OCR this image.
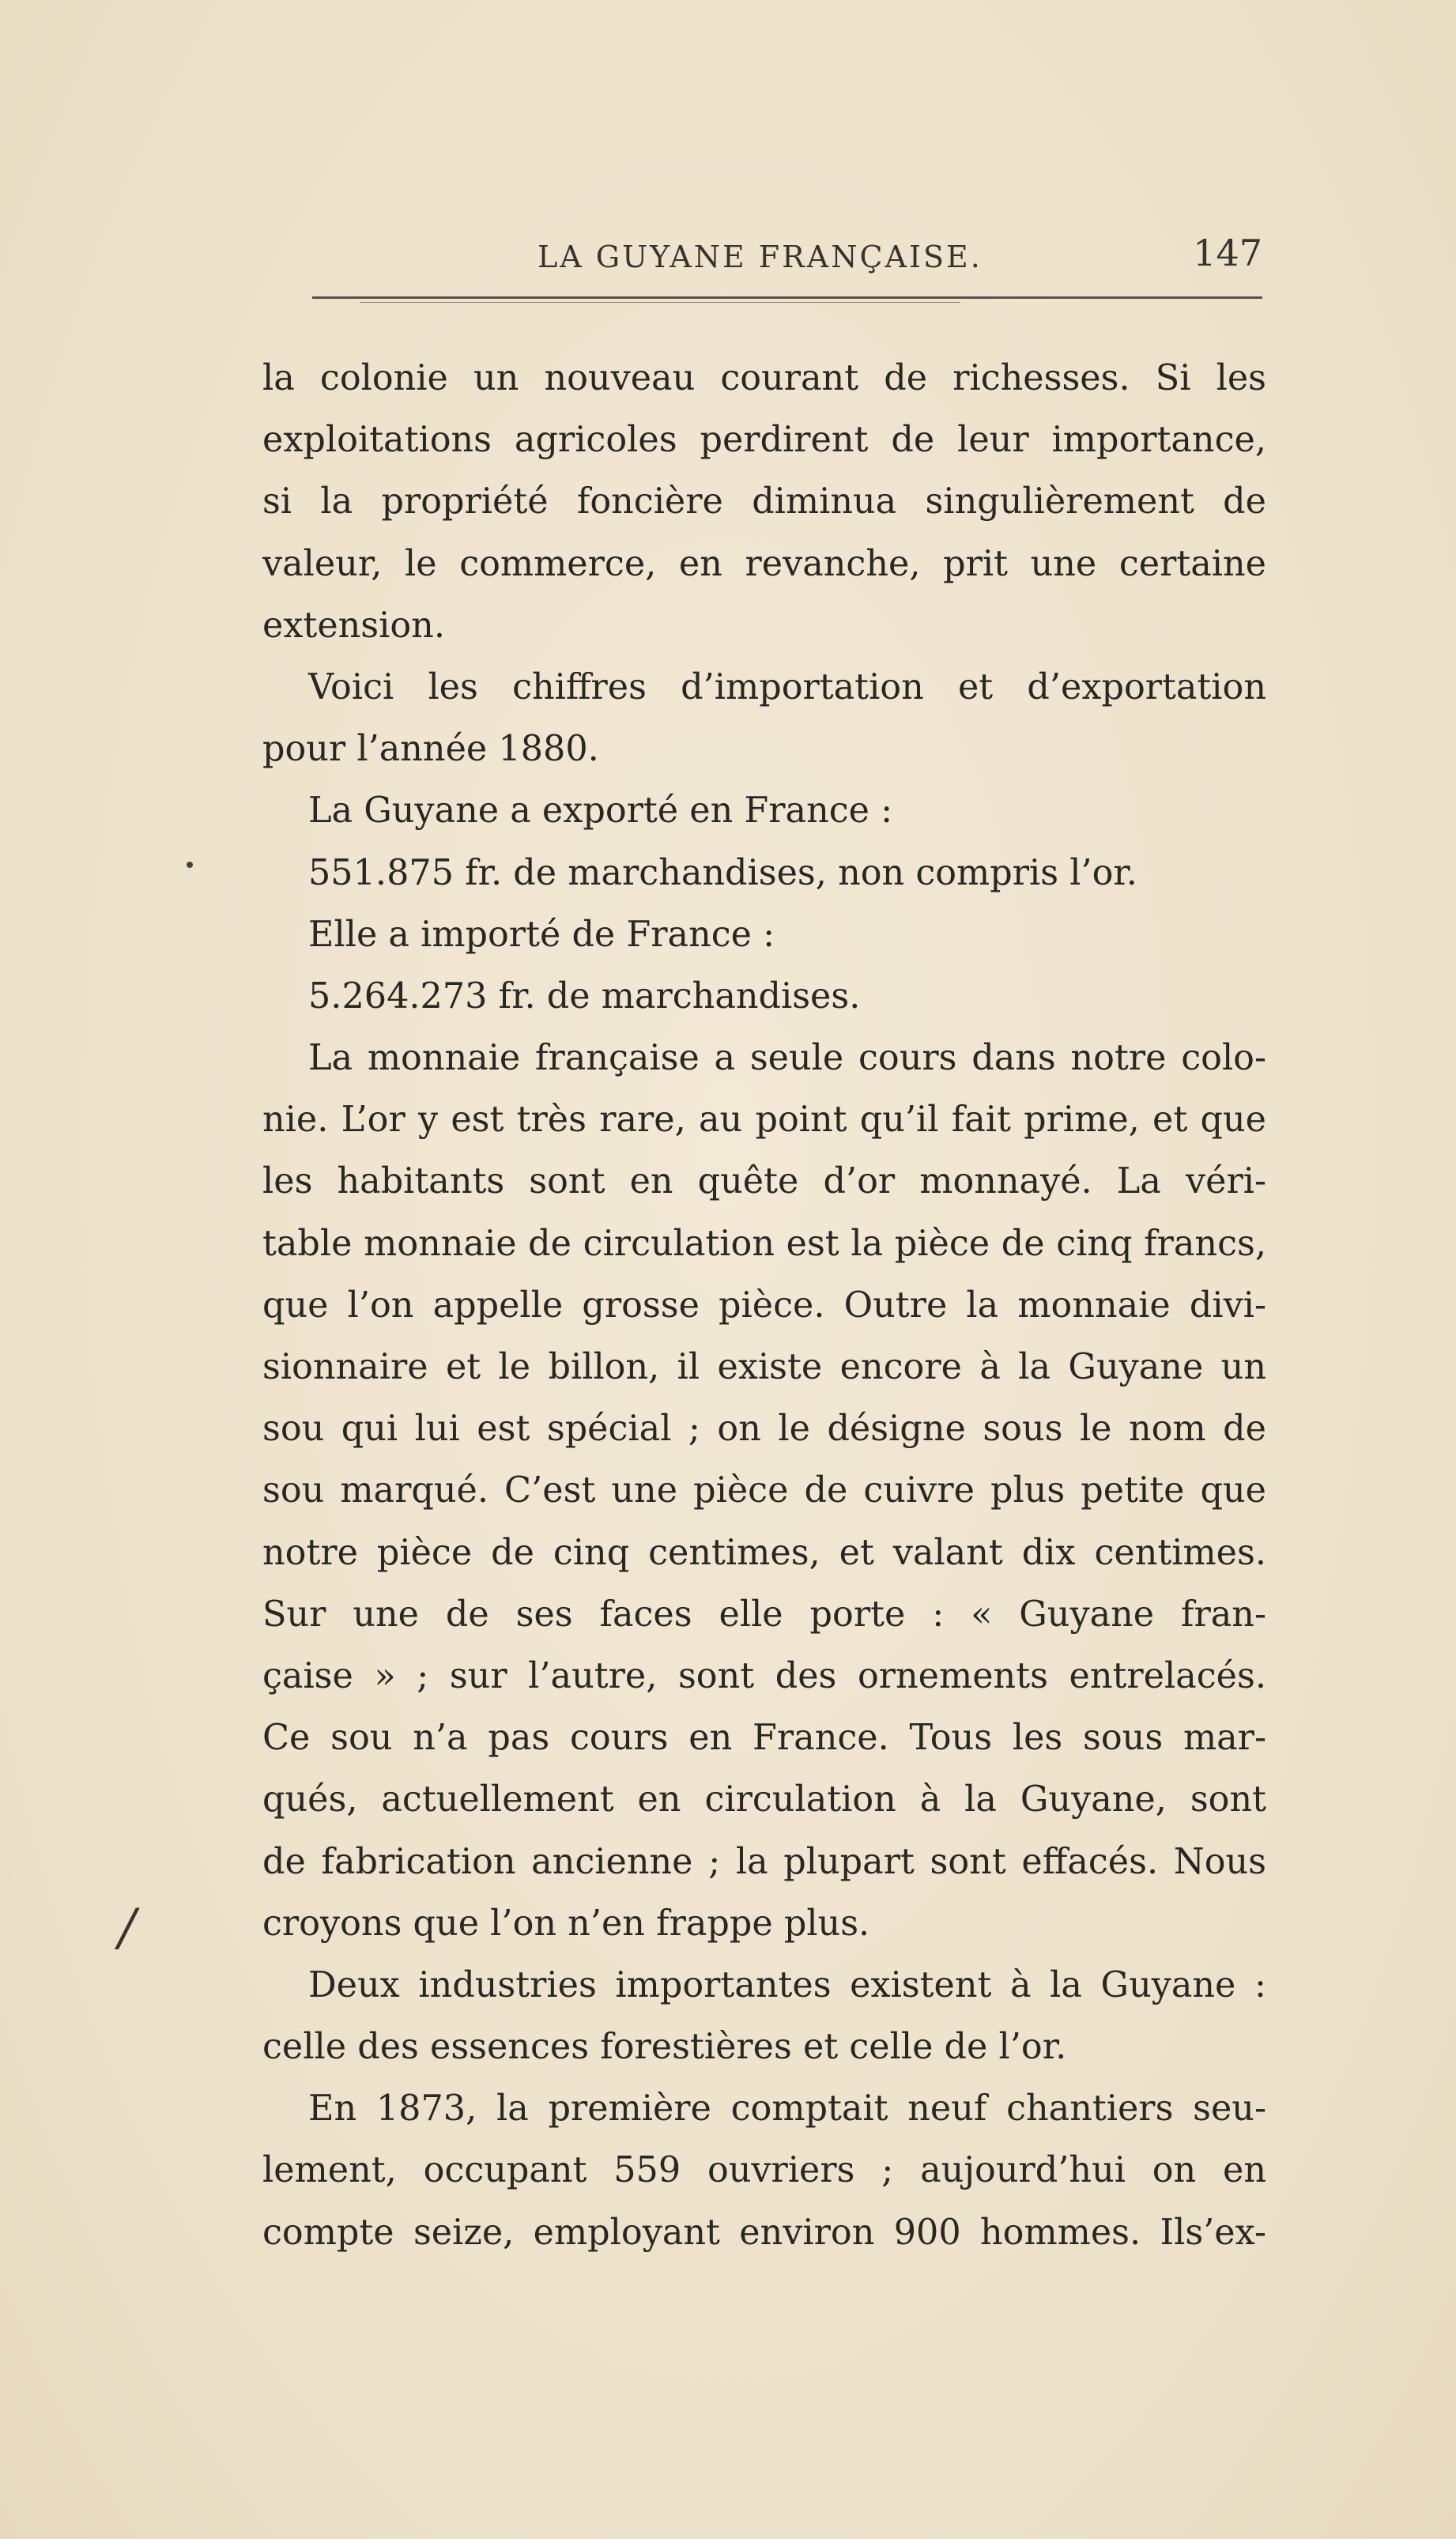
LA GUYANE FRANÇAISE.	147
/
la colonie un nouveau courant de richesses. Si les
exploitations agricoles perdirent de leur importance,
si la propriété foncière diminua singulièrement de
valeur, le commerce, en revanche, prit une certaine
extension.
Voici les chiffres d’importation et d’exportation
pour l’année 1880.
La Guyane a exporté en France :
551.875 fr. de marchandises, non compris l’or.
Elle a importé de France :
5.264.273 fr. de marchandises.
La monnaie française a seule cours dans notre colo-
nie. L’or y est très rare, au point qu’il fait prime, et que
les habitants sont en quête d’or monnayé. La véri-
table monnaie de circulation est la pièce de cinq francs,
que l’on appelle grosse pièce. Outre la monnaie divi-
sionnaire et le billon, il existe encore à la Guyane un
sou qui lui est spécial ; on le désigne sous le nom de
sou marqué. C’est une pièce de cuivre plus petite que
notre pièce de cinq centimes, et valant dix centimes.
Sur une de ses faces elle porte : « Guyane fran-
çaise » ; sur l’autre, sont des ornements entrelacés.
Ce sou n’a pas cours en France. Tous les sous mar-
qués, actuellement en circulation à la Guyane, sont
de fabrication ancienne ; la plupart sont effacés. Nous
croyons que l’on n’en frappe plus.
Deux industries importantes existent à la Guyane :
celle des essences forestières et celle de l’or.
En 1873, la première comptait neuf chantiers seu-
lement, occupant 559 ouvriers ; aujourd’hui on en
compte seize, employant environ 900 hommes. Ils’ex-
